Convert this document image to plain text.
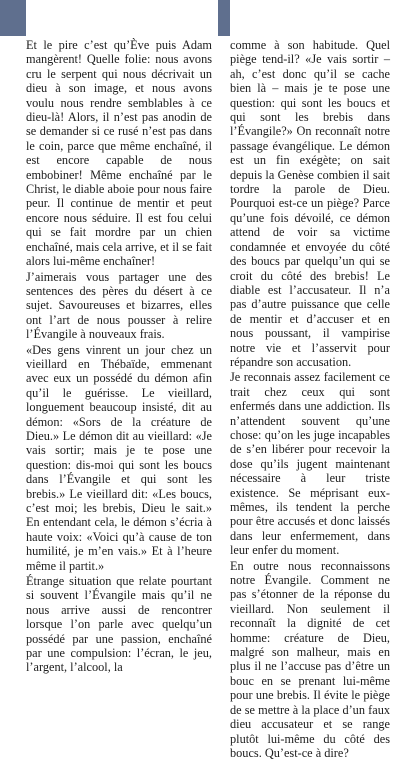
Et le pire c’est qu’Ève puis Adam mangèrent! Quelle folie: nous avons cru le serpent qui nous décrivait un dieu à son image, et nous avons voulu nous rendre semblables à ce dieu-là! Alors, il n’est pas anodin de se demander si ce rusé n’est pas dans le coin, parce que même enchaîné, il est encore capable de nous embobiner! Même enchaîné par le Christ, le diable aboie pour nous faire peur. Il continue de mentir et peut encore nous séduire. Il est fou celui qui se fait mordre par un chien enchaîné, mais cela arrive, et il se fait alors lui-même enchaîner!

J’aimerais vous partager une des sentences des pères du désert à ce sujet. Savoureuses et bizarres, elles ont l’art de nous pousser à relire l’Évangile à nouveaux frais.

«Des gens vinrent un jour chez un vieillard en Thébaïde, emmenant avec eux un possédé du démon afin qu’il le guérisse. Le vieillard, longuement beaucoup insisté, dit au démon: «Sors de la créature de Dieu.» Le démon dit au vieillard: «Je vais sortir; mais je te pose une question: dis-moi qui sont les boucs dans l’Évangile et qui sont les brebis.» Le vieillard dit: «Les boucs, c’est moi; les brebis, Dieu le sait.» En entendant cela, le démon s’écria à haute voix: «Voici qu’à cause de ton humilité, je m’en vais.» Et à l’heure même il partit.»

Étrange situation que relate pourtant si souvent l’Évangile mais qu’il ne nous arrive aussi de rencontrer lorsque l’on parle avec quelqu’un possédé par une passion, enchaîné par une compulsion: l’écran, le jeu, l’argent, l’alcool, la

comme à son habitude. Quel piège tend-il? «Je vais sortir – ah, c’est donc qu’il se cache bien là – mais je te pose une question: qui sont les boucs et qui sont les brebis dans l’Évangile?» On reconnaît notre passage évangélique. Le démon est un fin exégète; on sait depuis la Genèse combien il sait tordre la parole de Dieu. Pourquoi est-ce un piège? Parce qu’une fois dévoilé, ce démon attend de voir sa victime condamnée et envoyée du côté des boucs par quelqu’un qui se croit du côté des brebis! Le diable est l’accusateur. Il n’a pas d’autre puissance que celle de mentir et d’accuser et en nous poussant, il vampirise notre vie et l’asservit pour répandre son accusation.

Je reconnais assez facilement ce trait chez ceux qui sont enfermés dans une addiction. Ils n’attendent souvent qu’une chose: qu’on les juge incapables de s’en libérer pour recevoir la dose qu’ils jugent maintenant nécessaire à leur triste existence. Se méprisant eux-mêmes, ils tendent la perche pour être accusés et donc laissés dans leur enfermement, dans leur enfer du moment.

En outre nous reconnaissons notre Évangile. Comment ne pas s’étonner de la réponse du vieillard. Non seulement il reconnaît la dignité de cet homme: créature de Dieu, malgré son malheur, mais en plus il ne l’accuse pas d’être un bouc en se prenant lui-même pour une brebis. Il évite le piège de se mettre à la place d’un faux dieu accusateur et se range plutôt lui-même du côté des boucs. Qu’est-ce à dire?
